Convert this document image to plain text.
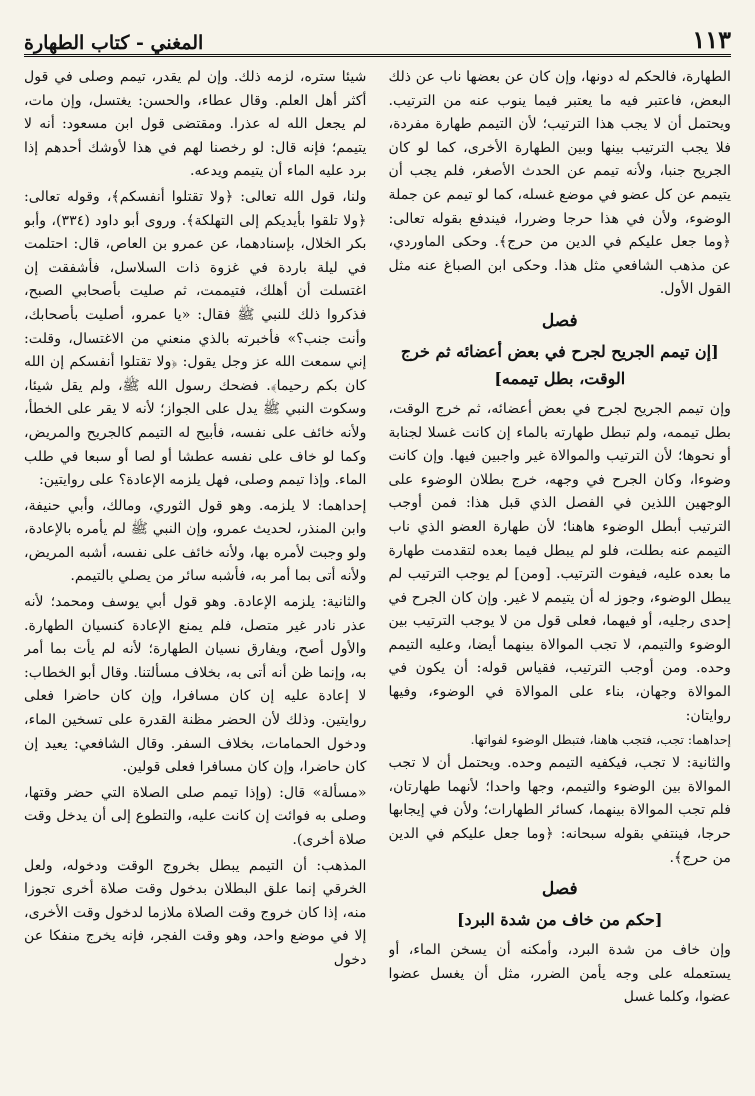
المغني - كتاب الطهارة	١١٣

الطهارة، فالحكم له دونها، وإن كان عن بعضها ناب عن ذلك البعض، فاعتبر فيه ما يعتبر فيما ينوب عنه من الترتيب. ويحتمل أن لا يجب هذا الترتيب؛ لأن التيمم طهارة مفردة، فلا يجب الترتيب بينها وبين الطهارة الأخرى، كما لو كان الجريح جنبا، ولأنه تيمم عن الحدث الأصغر، فلم يجب أن يتيمم عن كل عضو في موضع غسله، كما لو تيمم عن جملة الوضوء، ولأن في هذا حرجا وضررا، فيندفع بقوله تعالى: ﴿وما جعل عليكم في الدين من حرج﴾. وحكى الماوردي، عن مذهب الشافعي مثل هذا. وحكى ابن الصباغ عنه مثل القول الأول.

فصل
[إن تيمم الجريح لجرح في بعض أعضائه ثم خرج الوقت، بطل تيممه]

وإن تيمم الجريح لجرح في بعض أعضائه، ثم خرج الوقت، بطل تيممه، ولم تبطل طهارته بالماء إن كانت غسلا لجنابة أو نحوها؛ لأن الترتيب والموالاة غير واجبين فيها. وإن كانت وضوءا، وكان الجرح في وجهه، خرج بطلان الوضوء على الوجهين اللذين في الفصل الذي قبل هذا: فمن أوجب الترتيب أبطل الوضوء هاهنا؛ لأن طهارة العضو الذي ناب التيمم عنه بطلت، فلو لم يبطل فيما بعده لتقدمت طهارة ما بعده عليه، فيفوت الترتيب. [ومن] لم يوجب الترتيب لم يبطل الوضوء، وجوز له أن يتيمم لا غير. وإن كان الجرح في إحدى رجليه، أو فيهما، فعلى قول من لا يوجب الترتيب بين الوضوء والتيمم، لا تجب الموالاة بينهما أيضا، وعليه التيمم وحده. ومن أوجب الترتيب، فقياس قوله: أن يكون في الموالاة وجهان، بناء على الموالاة في الوضوء، وفيها روايتان:

إحداهما: تجب، فتجب هاهنا، فتبطل الوضوء لفواتها.

والثانية: لا تجب، فيكفيه التيمم وحده. ويحتمل أن لا تجب الموالاة بين الوضوء والتيمم، وجها واحدا؛ لأنهما طهارتان، فلم تجب الموالاة بينهما، كسائر الطهارات؛ ولأن في إيجابها حرجا، فينتفي بقوله سبحانه: ﴿وما جعل عليكم في الدين من حرج﴾.

فصل
[حكم من خاف من شدة البرد]

وإن خاف من شدة البرد، وأمكنه أن يسخن الماء، أو يستعمله على وجه يأمن الضرر، مثل أن يغسل عضوا عضوا، وكلما غسل

شيئا ستره، لزمه ذلك. وإن لم يقدر، تيمم وصلى في قول أكثر أهل العلم. وقال عطاء، والحسن: يغتسل، وإن مات، لم يجعل الله له عذرا. ومقتضى قول ابن مسعود: أنه لا يتيمم؛ فإنه قال: لو رخصنا لهم في هذا لأوشك أحدهم إذا برد عليه الماء أن يتيمم ويدعه.

ولنا، قول الله تعالى: ﴿ولا تقتلوا أنفسكم﴾، وقوله تعالى: ﴿ولا تلقوا بأيديكم إلى التهلكة﴾. وروى أبو داود (٣٣٤)، وأبو بكر الخلال، بإسنادهما، عن عمرو بن العاص، قال: احتلمت في ليلة باردة في غزوة ذات السلاسل، فأشفقت إن اغتسلت أن أهلك، فتيممت، ثم صليت بأصحابي الصبح، فذكروا ذلك للنبي ﷺ فقال: «يا عمرو، أصليت بأصحابك، وأنت جنب؟» فأخبرته بالذي منعني من الاغتسال، وقلت: إني سمعت الله عز وجل يقول: ﴿ولا تقتلوا أنفسكم إن الله كان بكم رحيما﴾. فضحك رسول الله ﷺ، ولم يقل شيئا، وسكوت النبي ﷺ يدل على الجواز؛ لأنه لا يقر على الخطأ، ولأنه خائف على نفسه، فأبيح له التيمم كالجريح والمريض، وكما لو خاف على نفسه عطشا أو لصا أو سبعا في طلب الماء. وإذا تيمم وصلى، فهل يلزمه الإعادة؟ على روايتين:

إحداهما: لا يلزمه. وهو قول الثوري، ومالك، وأبي حنيفة، وابن المنذر، لحديث عمرو، وإن النبي ﷺ لم يأمره بالإعادة، ولو وجبت لأمره بها، ولأنه خائف على نفسه، أشبه المريض، ولأنه أتى بما أمر به، فأشبه سائر من يصلي بالتيمم.

والثانية: يلزمه الإعادة. وهو قول أبي يوسف ومحمد؛ لأنه عذر نادر غير متصل، فلم يمنع الإعادة كنسيان الطهارة. والأول أصح، ويفارق نسيان الطهارة؛ لأنه لم يأت بما أمر به، وإنما ظن أنه أتى به، بخلاف مسألتنا. وقال أبو الخطاب: لا إعادة عليه إن كان مسافرا، وإن كان حاضرا فعلى روايتين. وذلك لأن الحضر مظنة القدرة على تسخين الماء، ودخول الحمامات، بخلاف السفر. وقال الشافعي: يعيد إن كان حاضرا، وإن كان مسافرا فعلى قولين.

«مسألة» قال: (وإذا تيمم صلى الصلاة التي حضر وقتها، وصلى به فوائت إن كانت عليه، والتطوع إلى أن يدخل وقت صلاة أخرى).

المذهب: أن التيمم يبطل بخروج الوقت ودخوله، ولعل الخرقي إنما علق البطلان بدخول وقت صلاة أخرى تجوزا منه، إذا كان خروج وقت الصلاة ملازما لدخول وقت الأخرى، إلا في موضع واحد، وهو وقت الفجر، فإنه يخرج منفكا عن دخول
